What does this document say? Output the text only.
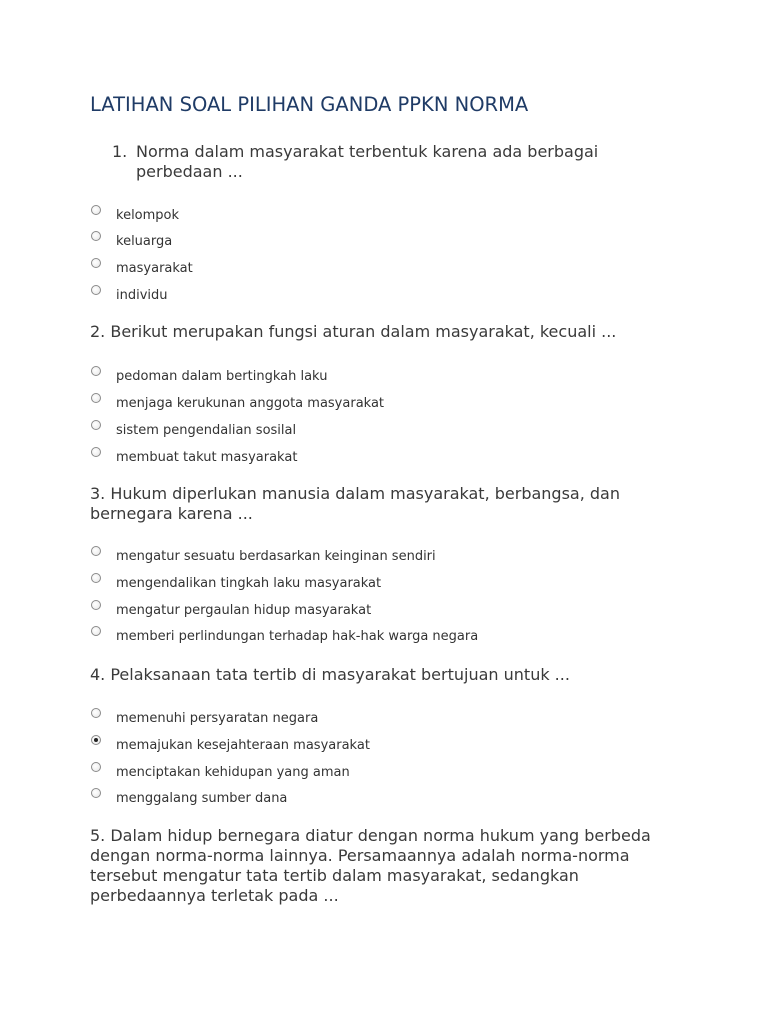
LATIHAN SOAL PILIHAN GANDA PPKN NORMA
1. Norma dalam masyarakat terbentuk karena ada berbagai perbedaan ...
kelompok
keluarga
masyarakat
individu
2. Berikut merupakan fungsi aturan dalam masyarakat, kecuali ...
pedoman dalam bertingkah laku
menjaga kerukunan anggota masyarakat
sistem pengendalian sosilal
membuat takut masyarakat
3. Hukum diperlukan manusia dalam masyarakat, berbangsa, dan bernegara karena ...
mengatur sesuatu berdasarkan keinginan sendiri
mengendalikan tingkah laku masyarakat
mengatur pergaulan hidup masyarakat
memberi perlindungan terhadap hak-hak warga negara
4. Pelaksanaan tata tertib di masyarakat bertujuan untuk ...
memenuhi persyaratan negara
memajukan kesejahteraan masyarakat
menciptakan kehidupan yang aman
menggalang sumber dana
5. Dalam hidup bernegara diatur dengan norma hukum yang berbeda dengan norma-norma lainnya. Persamaannya adalah norma-norma tersebut mengatur tata tertib dalam masyarakat, sedangkan perbedaannya terletak pada ...
